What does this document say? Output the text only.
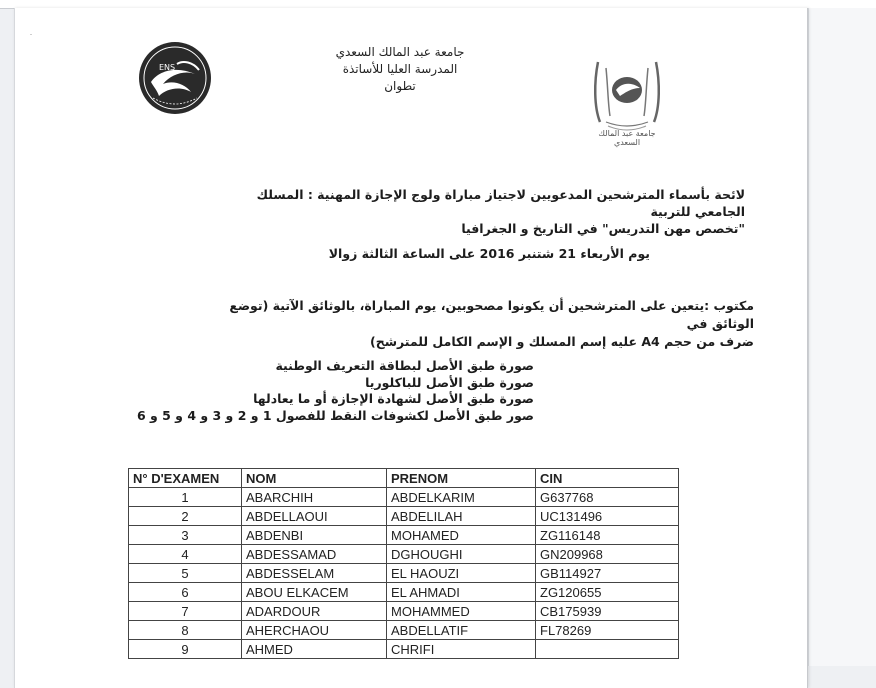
ENS
جامعة عبد المالك السعدي
المدرسة العليا للأساتذة
تطوان
جامعة عبد المالك السعدي
لائحة بأسماء المترشحين المدعويين لاجتياز مباراة ولوج الإجازة المهنية : المسلك الجامعي للتربية
"تخصص مهن التدريس" في التاريخ و الجغرافيا
يوم الأربعاء 21 شتنبر 2016 على الساعة الثالثة زوالا
مكتوب :يتعين على المترشحين أن يكونوا مصحوبين، يوم المباراة، بالوثائق الآتية (توضع الوثائق في
ضرف من حجم A4 عليه إسم المسلك و الإسم الكامل للمترشح)
صورة طبق الأصل لبطاقة التعريف الوطنية
صورة طبق الأصل للباكلوريا
صورة طبق الأصل لشهادة الإجازة أو ما يعادلها
صور طبق الأصل لكشوفات النقط للفصول 1 و 2 و 3 و 4 و 5 و 6
N° D'EXAMEN	NOM	PRENOM	CIN
1	ABARCHIH	ABDELKARIM	G637768
2	ABDELLAOUI	ABDELILAH	UC131496
3	ABDENBI	MOHAMED	ZG116148
4	ABDESSAMAD	DGHOUGHI	GN209968
5	ABDESSELAM	EL HAOUZI	GB114927
6	ABOU ELKACEM	EL AHMADI	ZG120655
7	ADARDOUR	MOHAMMED	CB175939
8	AHERCHAOU	ABDELLATIF	FL78269
9	AHMED	CHRIFI	
